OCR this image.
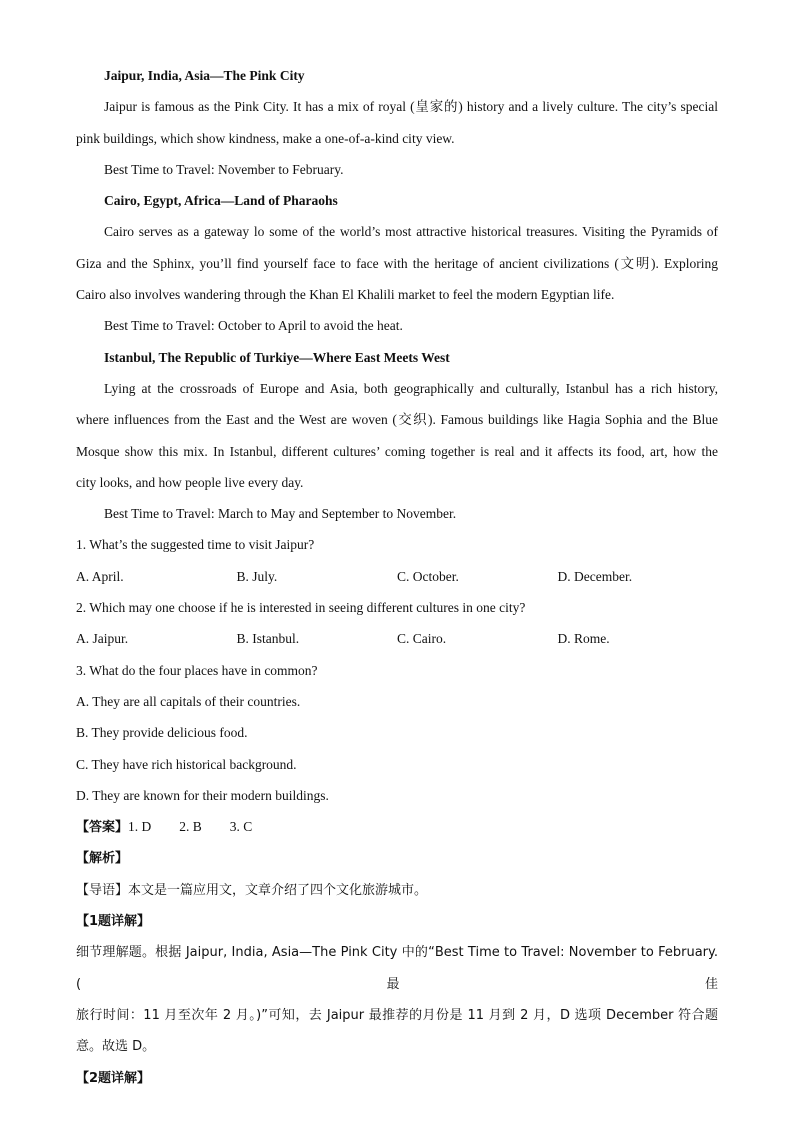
Jaipur, India, Asia—The Pink City
Jaipur is famous as the Pink City. It has a mix of royal (皇家的) history and a lively culture. The city’s special
pink buildings, which show kindness, make a one-of-a-kind city view.
Best Time to Travel: November to February.
Cairo, Egypt, Africa—Land of Pharaohs
Cairo serves as a gateway lo some of the world’s most attractive historical treasures. Visiting the Pyramids of
Giza and the Sphinx, you’ll find yourself face to face with the heritage of ancient civilizations (文明). Exploring
Cairo also involves wandering through the Khan El Khalili market to feel the modern Egyptian life.
Best Time to Travel: October to April to avoid the heat.
Istanbul, The Republic of Turkiye—Where East Meets West
Lying at the crossroads of Europe and Asia, both geographically and culturally, Istanbul has a rich history,
where influences from the East and the West are woven (交织). Famous buildings like Hagia Sophia and the Blue
Mosque show this mix. In Istanbul, different cultures’ coming together is real and it affects its food, art, how the
city looks, and how people live every day.
Best Time to Travel: March to May and September to November.
1. What’s the suggested time to visit Jaipur?
A. April.	B. July.	C. October.	D. December.
2. Which may one choose if he is interested in seeing different cultures in one city?
A. Jaipur.	B. Istanbul.	C. Cairo.	D. Rome.
3. What do the four places have in common?
A. They are all capitals of their countries.
B. They provide delicious food.
C. They have rich historical background.
D. They are known for their modern buildings.
【答案】1. D 2. B 3. C
【解析】
【导语】本文是一篇应用文，文章介绍了四个文化旅游城市。
【1题详解】
细节理解题。根据 Jaipur, India, Asia—The Pink City 中的“Best Time to Travel: November to February.(最佳
旅行时间：11 月至次年 2 月。)”可知，去 Jaipur 最推荐的月份是 11 月到 2 月，D 选项 December 符合题
意。故选 D。
【2题详解】
